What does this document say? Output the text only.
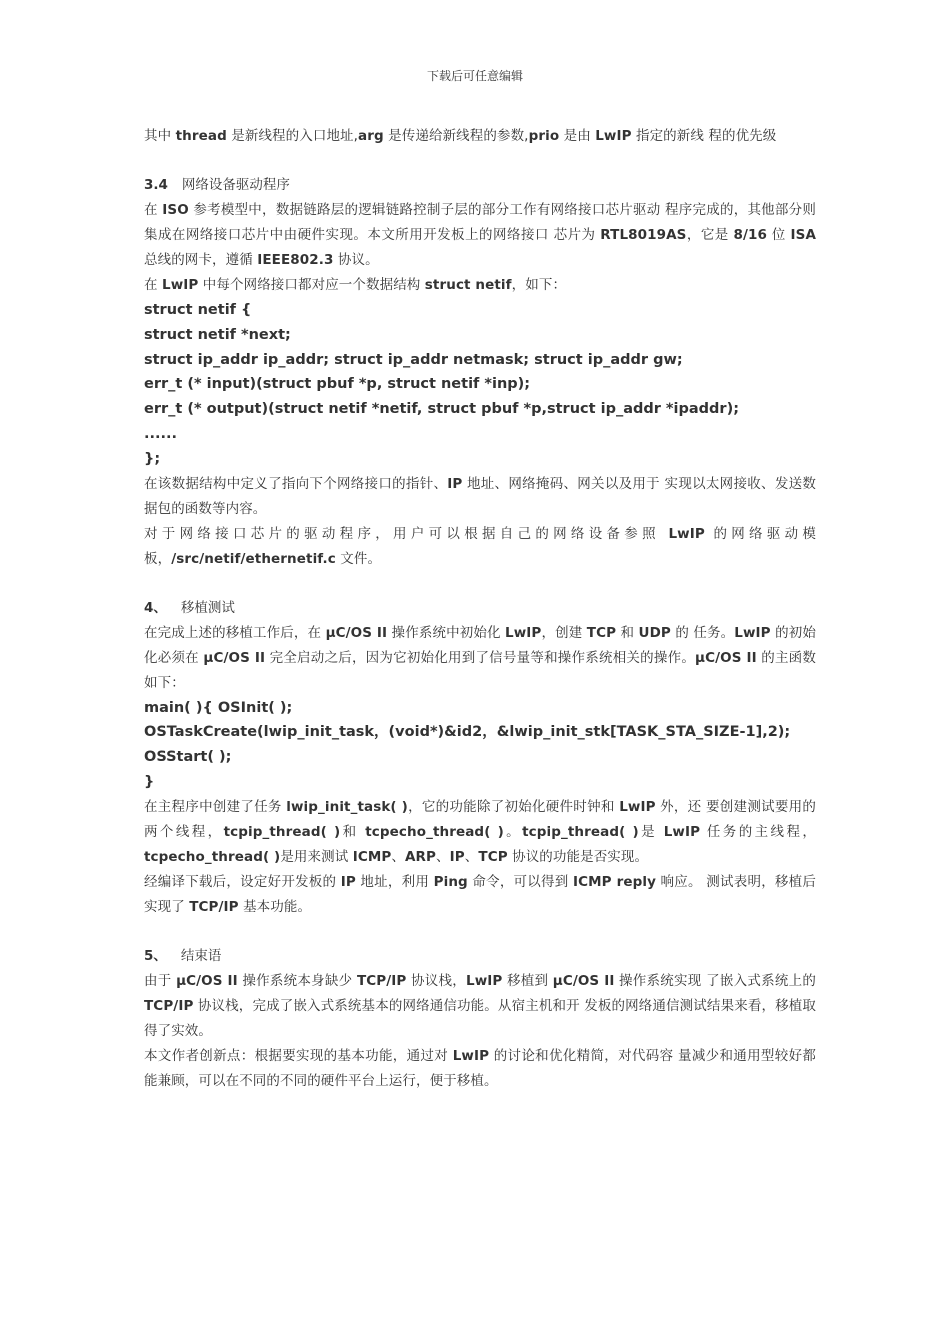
下载后可任意编辑

其中 thread 是新线程的入口地址,arg 是传递给新线程的参数,prio 是由 LwIP 指定的新线 程的优先级

3.4 网络设备驱动程序

在 ISO 参考模型中，数据链路层的逻辑链路控制子层的部分工作有网络接口芯片驱动 程序完成的，其他部分则集成在网络接口芯片中由硬件实现。本文所用开发板上的网络接口 芯片为 RTL8019AS，它是 8/16 位 ISA 总线的网卡，遵循 IEEE802.3 协议。

在 LwIP 中每个网络接口都对应一个数据结构 struct netif，如下：

struct netif {
struct netif *next;
struct ip_addr ip_addr; struct ip_addr netmask; struct ip_addr gw;
err_t (* input)(struct pbuf *p, struct netif *inp);
err_t (* output)(struct netif *netif, struct pbuf *p,struct ip_addr *ipaddr);
......
};

在该数据结构中定义了指向下个网络接口的指针、IP 地址、网络掩码、网关以及用于 实现以太网接收、发送数据包的函数等内容。

对于网络接口芯片的驱动程序，用户可以根据自己的网络设备参照 LwIP 的网络驱动模 板，/src/netif/ethernetif.c 文件。

4、 移植测试

在完成上述的移植工作后，在 μC/OS II 操作系统中初始化 LwIP，创建 TCP 和 UDP 的 任务。LwIP 的初始化必须在 μC/OS II 完全启动之后，因为它初始化用到了信号量等和操作系统相关的操作。μC/OS II 的主函数如下：

main( ){ OSInit( );
OSTaskCreate(lwip_init_task，(void*)&id2，&lwip_init_stk[TASK_STA_SIZE-1],2);
OSStart( );
}

在主程序中创建了任务 lwip_init_task( )，它的功能除了初始化硬件时钟和 LwIP 外，还 要创建测试要用的两个线程，tcpip_thread( )和 tcpecho_thread( )。tcpip_thread( )是 LwIP 任务的主线程，tcpecho_thread( )是用来测试 ICMP、ARP、IP、TCP 协议的功能是否实现。

经编译下载后，设定好开发板的 IP 地址，利用 Ping 命令，可以得到 ICMP reply 响应。 测试表明，移植后实现了 TCP/IP 基本功能。

5、 结束语

由于 μC/OS II 操作系统本身缺少 TCP/IP 协议栈，LwIP 移植到 μC/OS II 操作系统实现 了嵌入式系统上的 TCP/IP 协议栈，完成了嵌入式系统基本的网络通信功能。从宿主机和开 发板的网络通信测试结果来看，移植取得了实效。

本文作者创新点：根据要实现的基本功能，通过对 LwIP 的讨论和优化精简，对代码容 量减少和通用型较好都能兼顾，可以在不同的不同的硬件平台上运行，便于移植。
